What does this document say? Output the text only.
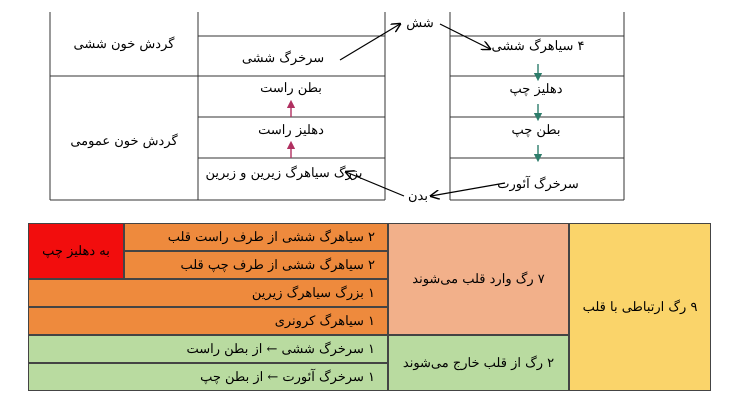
گردش خون ششی
گردش خون عمومی
سرخرگ ششی
بطن راست
دهلیز راست
بزرگ سیاهرگ زیرین و زبرین
شش
بدن
۴ سیاهرگ ششی
دهلیز چپ
بطن چپ
سرخرگ آئورت
به دهلیز چپ
۲ سیاهرگ ششی از طرف راست قلب
۲ سیاهرگ ششی از طرف چپ قلب
۱ بزرگ سیاهرگ زیرین
۱ سیاهرگ کرونری
۱ سرخرگ ششی ← از بطن راست
۱ سرخرگ آئورت ← از بطن چپ
۷ رگ وارد قلب می‌شوند
۲ رگ از قلب خارج می‌شوند
۹ رگ ارتباطی با قلب
